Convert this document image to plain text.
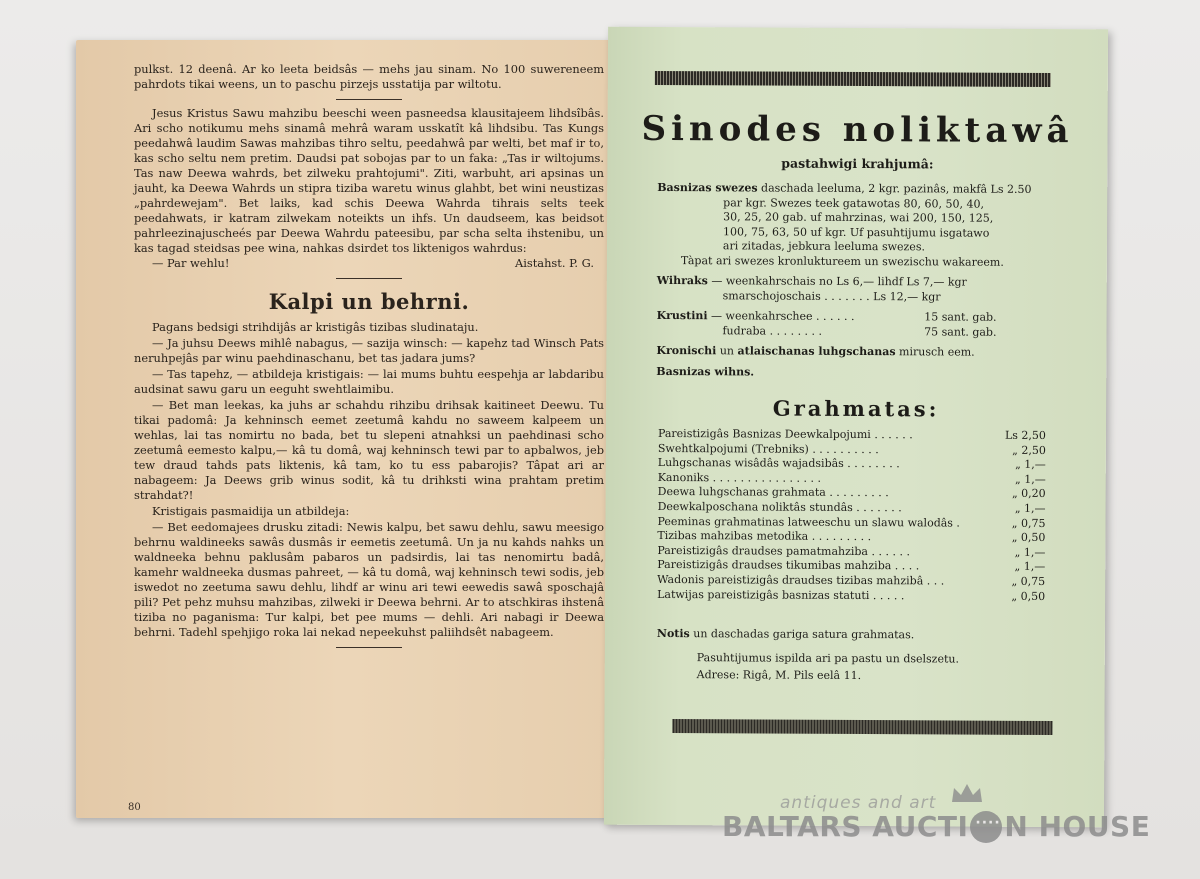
pulkst. 12 deenâ. Ar ko leeta beidsâs — mehs jau sinam. No 100 suwereneem pahrdots tikai weens, un to paschu pirzejs usstatija par wiltotu.

Jesus Kristus Sawu mahzibu beeschi ween pasneedsa klausitajeem lihdsîbâs. Ari scho notikumu mehs sinamâ mehrâ waram usskatît kâ lihdsibu. Tas Kungs peedahwâ laudim Sawas mahzibas tihro seltu, peedahwâ par welti, bet maf ir to, kas scho seltu nem pretim. Daudsi pat sobojas par to un faka: „Tas ir wiltojums. Tas naw Deewa wahrds, bet zilweku prahtojumi". Ziti, warbuht, ari apsinas un jauht, ka Deewa Wahrds un stipra tiziba waretu winus glahbt, bet wini neustizas „pahrdewejam". Bet laiks, kad schis Deewa Wahrda tihrais selts teek peedahwats, ir katram zilwekam noteikts un ihfs. Un daudseem, kas beidsot pahrleezinajuscheés par Deewa Wahrdu pateesibu, par scha selta ihstenibu, un kas tagad steidsas pee wina, nahkas dsirdet tos liktenigos wahrdus:

— Par wehlu!	Aistahst. P. G.
Kalpi un behrni.

Pagans bedsigi strihdijâs ar kristigâs tizibas sludinataju.

— Ja juhsu Deews mihlê nabagus, — sazija winsch: — kapehz tad Winsch Pats neruhpejâs par winu paehdinaschanu, bet tas jadara jums?

— Tas tapehz, — atbildeja kristigais: — lai mums buhtu eespehja ar labdaribu audsinat sawu garu un eeguht swehtlaimibu.

— Bet man leekas, ka juhs ar schahdu rihzibu drihsak kaitineet Deewu. Tu tikai padomâ: Ja kehninsch eemet zeetumâ kahdu no saweem kalpeem un wehlas, lai tas nomirtu no bada, bet tu slepeni atnahksi un paehdinasi scho zeetumâ eemesto kalpu,— kâ tu domâ, waj kehninsch tewi par to apbalwos, jeb tew draud tahds pats liktenis, kâ tam, ko tu ess pabarojis? Tâpat ari ar nabageem: Ja Deews grib winus sodit, kâ tu drihksti wina prahtam pretim strahdat?!

Kristigais pasmaidija un atbildeja:

— Bet eedomajees drusku zitadi: Newis kalpu, bet sawu dehlu, sawu meesigo behrnu waldineeks sawâs dusmâs ir eemetis zeetumâ. Un ja nu kahds nahks un waldneeka behnu paklusâm pabaros un padsirdis, lai tas nenomirtu badâ, kamehr waldneeka dusmas pahreet, — kâ tu domâ, waj kehninsch tewi sodis, jeb iswedot no zeetuma sawu dehlu, lihdf ar winu ari tewi eewedis sawâ sposchajâ pili? Pet pehz muhsu mahzibas, zilweki ir Deewa behrni. Ar to atschkiras ihstenâ tiziba no paganisma: Tur kalpi, bet pee mums — dehli. Ari nabagi ir Deewa behrni. Tadehl spehjigo roka lai nekad nepeekuhst paliihdsêt nabageem.

80
Sinodes noliktawâ
pastahwigi krahjumâ:
Basnizas swezes daschada leeluma, 2 kgr. pazinâs, makfâ Ls 2.50
par kgr. Swezes teek gatawotas 80, 60, 50, 40,
30, 25, 20 gab. uf mahrzinas, wai 200, 150, 125,
100, 75, 63, 50 uf kgr. Uf pasuhtijumu isgatawo
ari zitadas, jebkura leeluma swezes.
Tàpat ari swezes kronluktureem un swezischu wakareem.
Wihraks — weenkahrschais no Ls 6,— lihdf Ls 7,— kgr
smarschojoschais . . . . . . . Ls 12,— kgr
Krustini — weenkahrschee . . . . . .	15 sant. gab.
fudraba . . . . . . . .	75 sant. gab.
Kronischi un atlaischanas luhgschanas mirusch eem.
Basnizas wihns.
Grahmatas:
Pareistizigâs Basnizas Deewkalpojumi . . . . . .	Ls 2,50
Swehtkalpojumi (Trebniks) . . . . . . . . . .	„ 2,50
Luhgschanas wisâdâs wajadsibâs . . . . . . . .	„ 1,—
Kanoniks . . . . . . . . . . . . . . . .	„ 1,—
Deewa luhgschanas grahmata . . . . . . . . .	„ 0,20
Deewkalposchana noliktâs stundâs . . . . . . .	„ 1,—
Peeminas grahmatinas latweeschu un slawu walodâs .	„ 0,75
Tizibas mahzibas metodika . . . . . . . . .	„ 0,50
Pareistizigâs draudses pamatmahziba . . . . . .	„ 1,—
Pareistizigâs draudses tikumibas mahziba . . . .	„ 1,—
Wadonis pareistizigâs draudses tizibas mahzibâ . . .	„ 0,75
Latwijas pareistizigâs basnizas statuti . . . . .	„ 0,50
Notis un daschadas gariga satura grahmatas.
Pasuhtijumus ispilda ari pa pastu un dselszetu.
Adrese: Rigâ, M. Pils eelâ 11.
antiques and art
BALTARS AUCTI
···· N HOUSE
